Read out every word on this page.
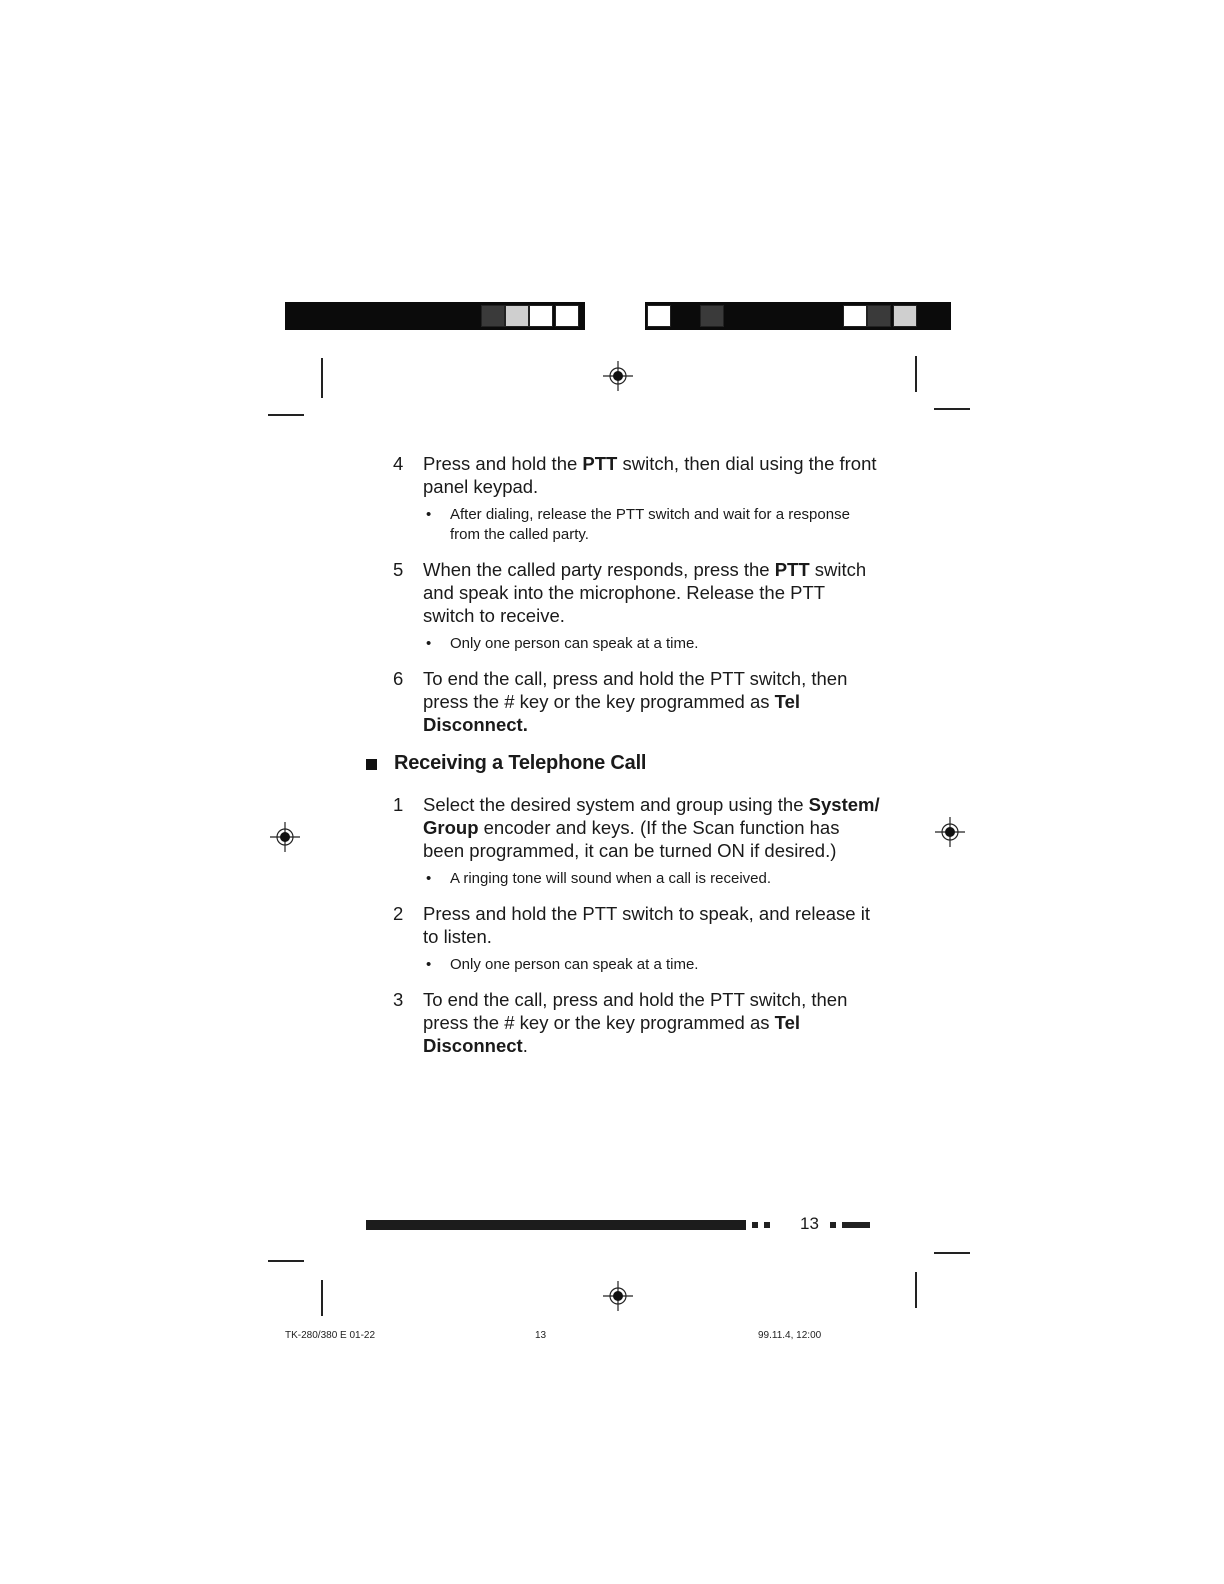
4 Press and hold the PTT switch, then dial using the front panel keypad.
• After dialing, release the PTT switch and wait for a response from the called party.
5 When the called party responds, press the PTT switch and speak into the microphone. Release the PTT switch to receive.
• Only one person can speak at a time.
6 To end the call, press and hold the PTT switch, then press the # key or the key programmed as Tel Disconnect.
Receiving a Telephone Call
1 Select the desired system and group using the System/ Group encoder and keys. (If the Scan function has been programmed, it can be turned ON if desired.)
• A ringing tone will sound when a call is received.
2 Press and hold the PTT switch to speak, and release it to listen.
• Only one person can speak at a time.
3 To end the call, press and hold the PTT switch, then press the # key or the key programmed as Tel Disconnect.
13
TK-280/380 E 01-22	13	99.11.4, 12:00
